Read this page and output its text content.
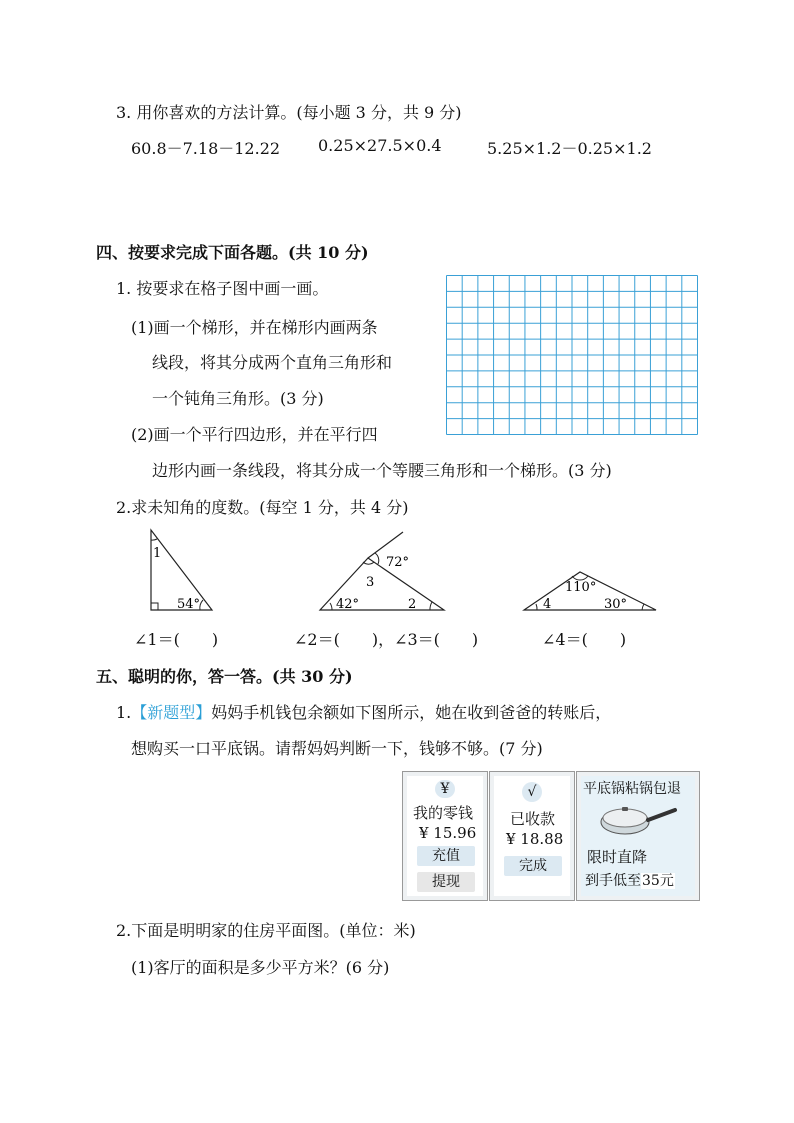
3. 用你喜欢的方法计算。(每小题 3 分，共 9 分)
60.8－7.18－12.22 0.25×27.5×0.4	5.25×1.2－0.25×1.2
四、按要求完成下面各题。(共 10 分)
1. 按要求在格子图中画一画。
(1)画一个梯形，并在梯形内画两条
线段，将其分成两个直角三角形和
一个钝角三角形。(3 分)
(2)画一个平行四边形，并在平行四
边形内画一条线段，将其分成一个等腰三角形和一个梯形。(3 分)
2.求未知角的度数。(每空 1 分，共 4 分)
1
54°
72°
3
42°	2
110°
4	30°
∠1＝(　　)	∠2＝(　　)，∠3＝(　　)	∠4＝(　　)
五、聪明的你，答一答。(共 30 分)
1.【新题型】妈妈手机钱包余额如下图所示，她在收到爸爸的转账后，
想购买一口平底锅。请帮妈妈判断一下，钱够不够。(7 分)
¥
我的零钱
¥ 15.96
充值
提现
√
已收款
¥ 18.88
完成
平底锅粘锅包退
限时直降
到手低至35元
2.下面是明明家的住房平面图。(单位：米)
(1)客厅的面积是多少平方米？(6 分)
